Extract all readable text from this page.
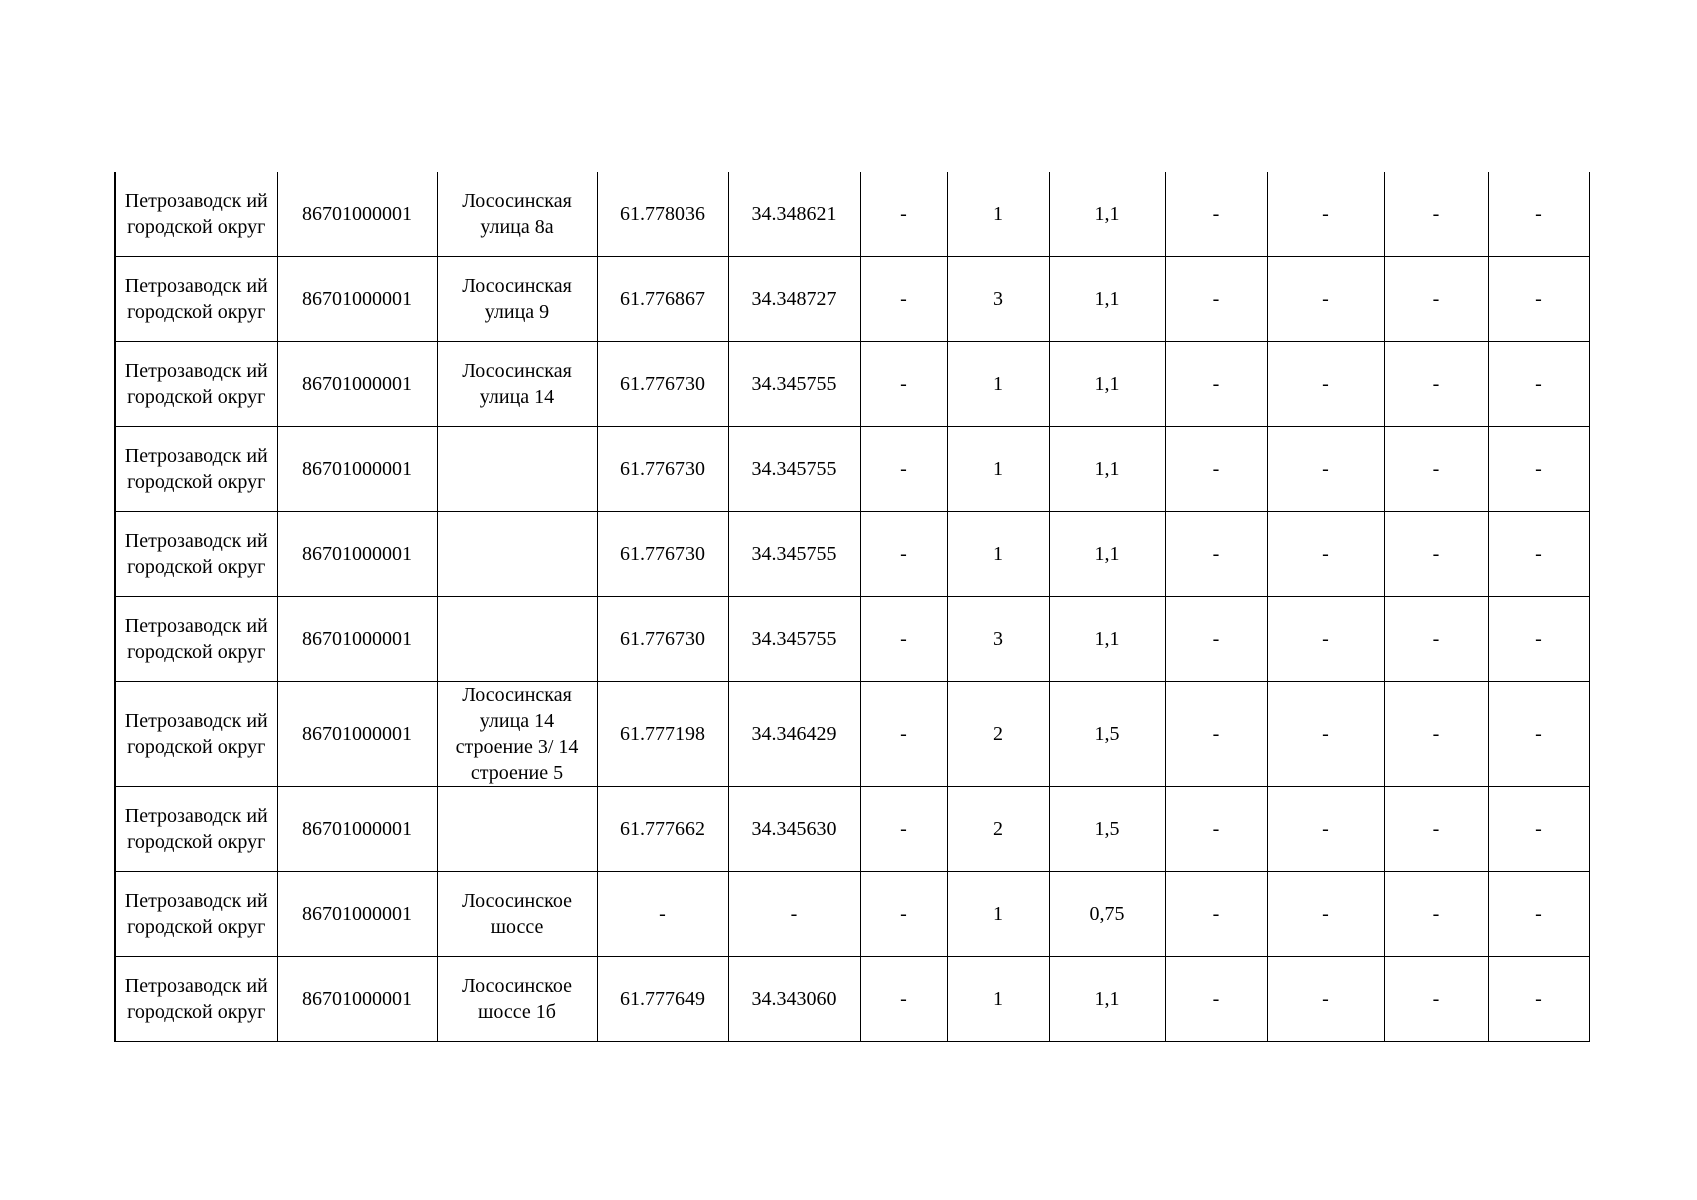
Петрозаводск ий городской округ	86701000001	Лососинская улица 8а	61.778036	34.348621	-	1	1,1	-	-	-	-
Петрозаводск ий городской округ	86701000001	Лососинская улица 9	61.776867	34.348727	-	3	1,1	-	-	-	-
Петрозаводск ий городской округ	86701000001	Лососинская улица 14	61.776730	34.345755	-	1	1,1	-	-	-	-
Петрозаводск ий городской округ	86701000001		61.776730	34.345755	-	1	1,1	-	-	-	-
Петрозаводск ий городской округ	86701000001		61.776730	34.345755	-	1	1,1	-	-	-	-
Петрозаводск ий городской округ	86701000001		61.776730	34.345755	-	3	1,1	-	-	-	-
Петрозаводск ий городской округ	86701000001	Лососинская улица 14 строение 3/ 14 строение 5	61.777198	34.346429	-	2	1,5	-	-	-	-
Петрозаводск ий городской округ	86701000001		61.777662	34.345630	-	2	1,5	-	-	-	-
Петрозаводск ий городской округ	86701000001	Лососинское шоссе	-	-	-	1	0,75	-	-	-	-
Петрозаводск ий городской округ	86701000001	Лососинское шоссе 1б	61.777649	34.343060	-	1	1,1	-	-	-	-
